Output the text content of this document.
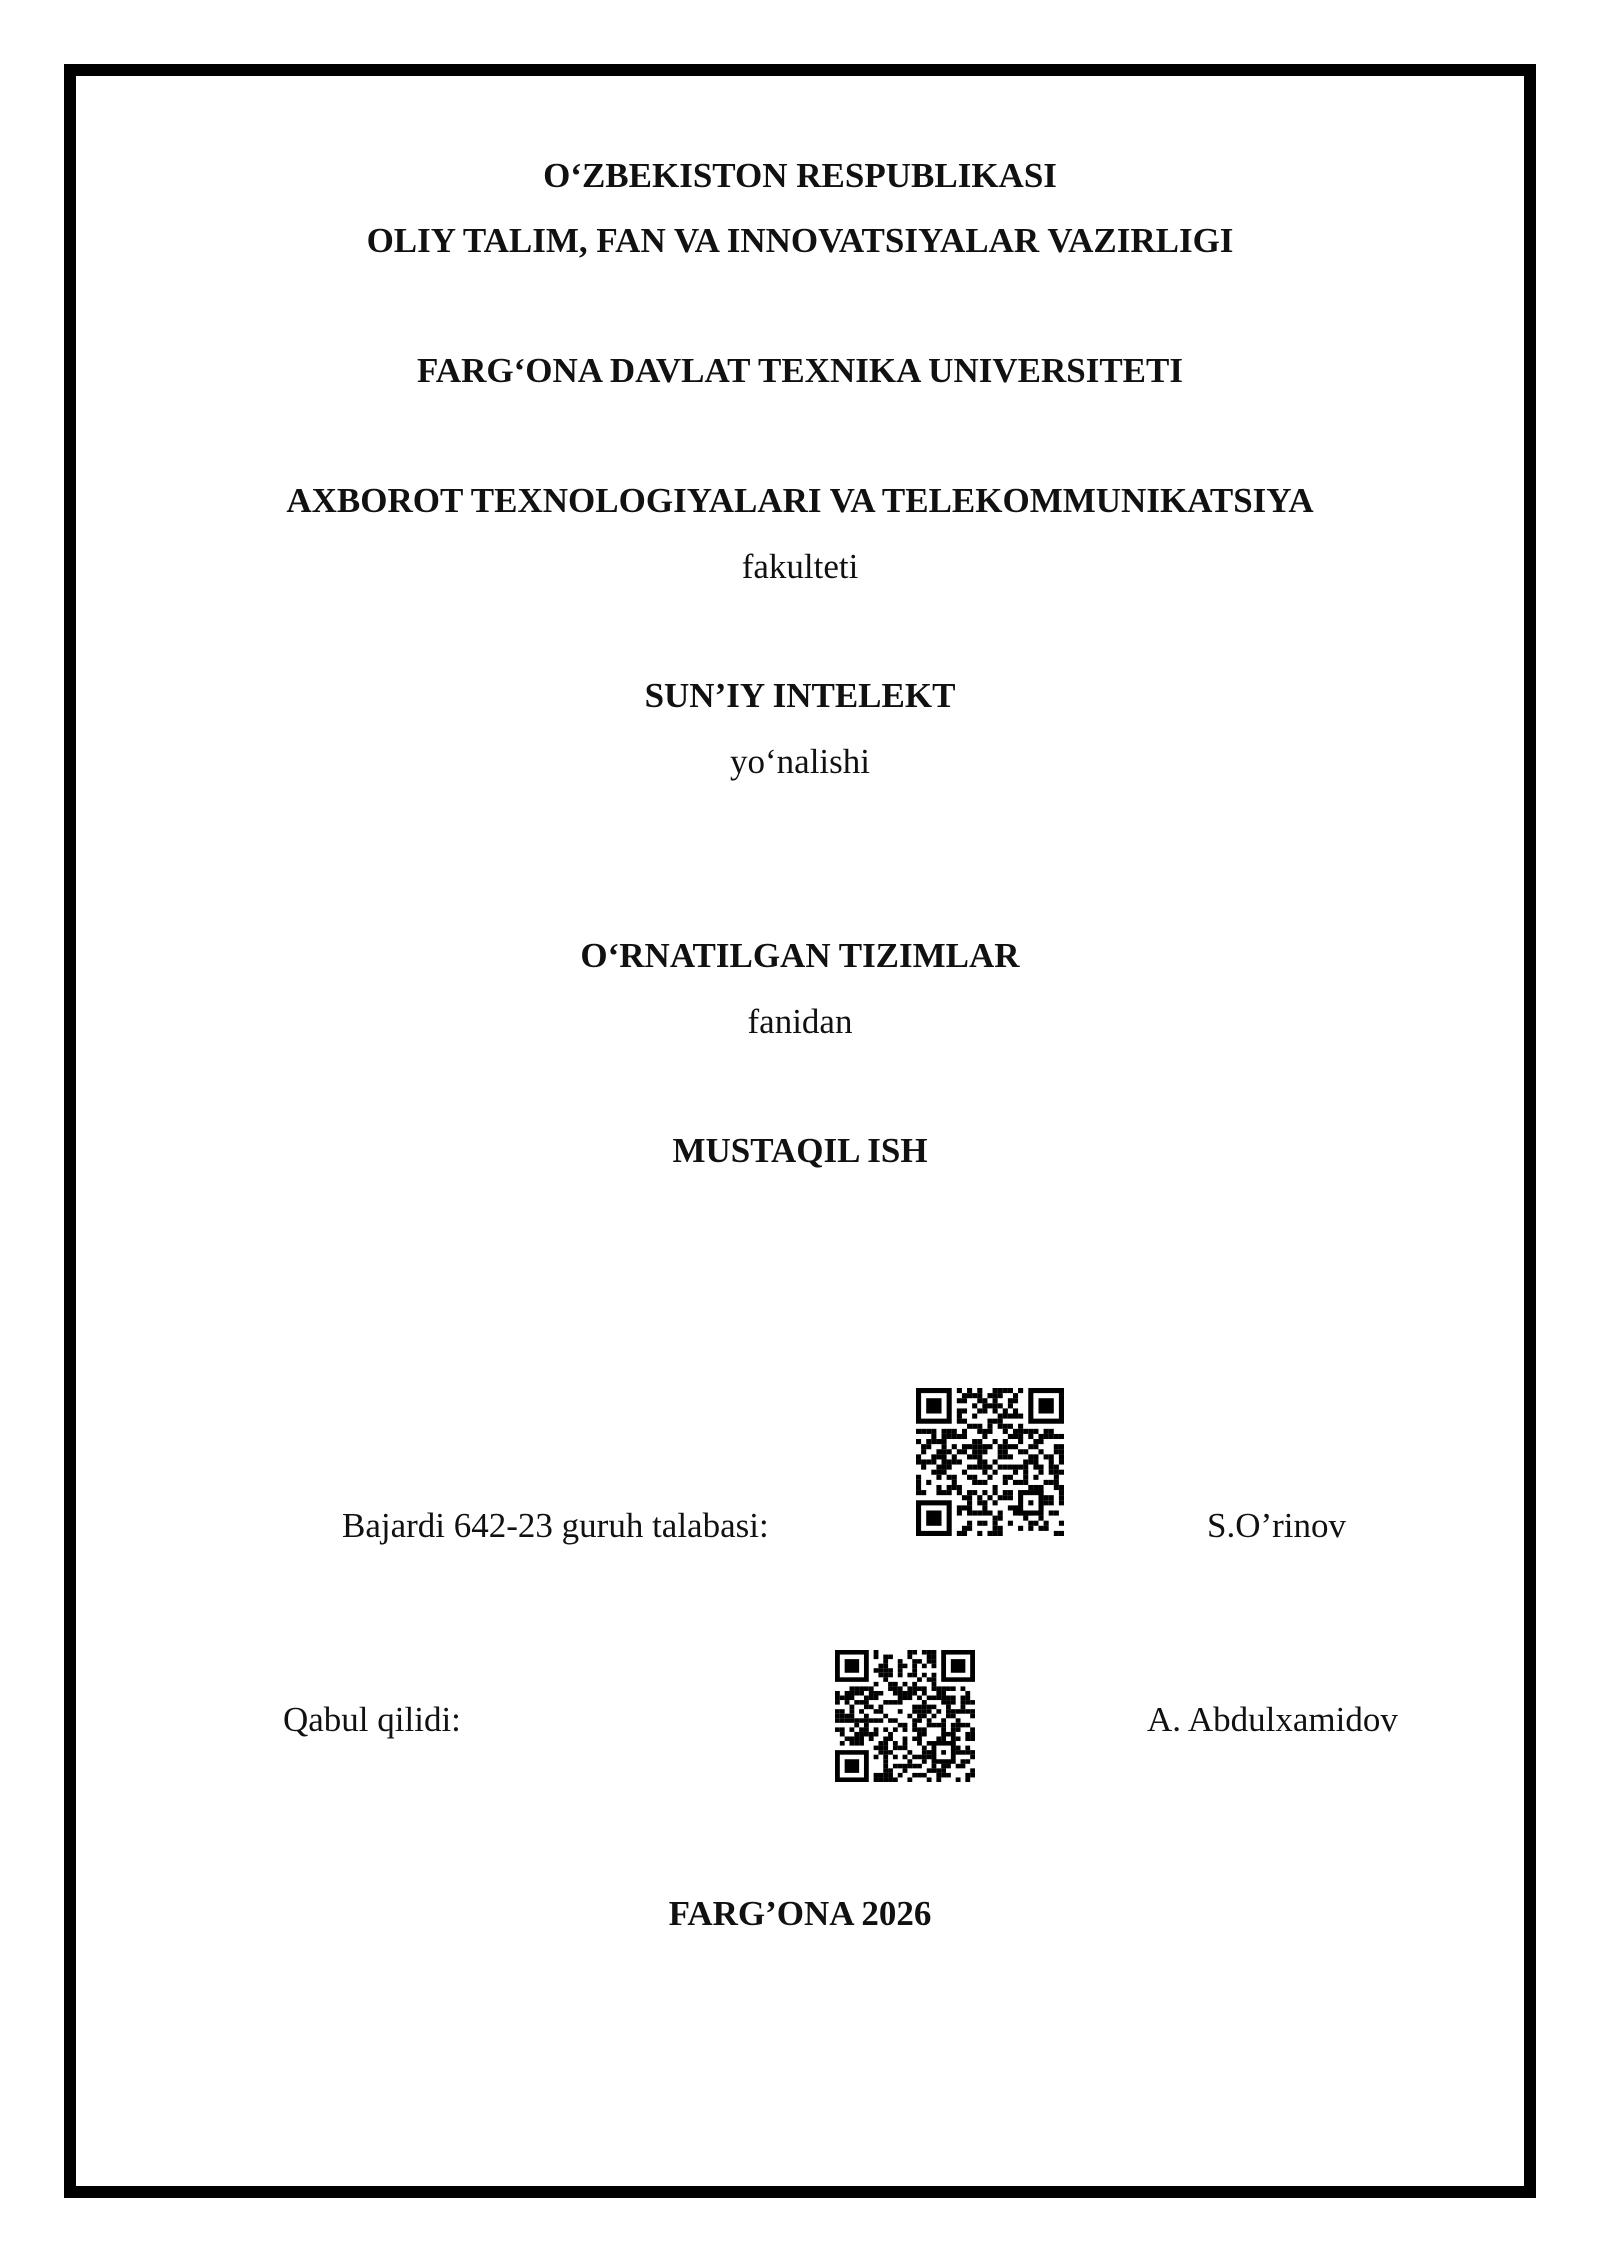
O‘ZBEKISTON RESPUBLIKASI
OLIY TALIM, FAN VA INNOVATSIYALAR VAZIRLIGI
FARG‘ONA DAVLAT TEXNIKA UNIVERSITETI
AXBOROT TEXNOLOGIYALARI VA TELEKOMMUNIKATSIYA
fakulteti
SUN’IY INTELEKT
yo‘nalishi
O‘RNATILGAN TIZIMLAR
fanidan
MUSTAQIL ISH
Bajardi 642-23 guruh talabasi:	S.O’rinov
Qabul qilidi:	A. Abdulxamidov
FARG’ONA 2026
